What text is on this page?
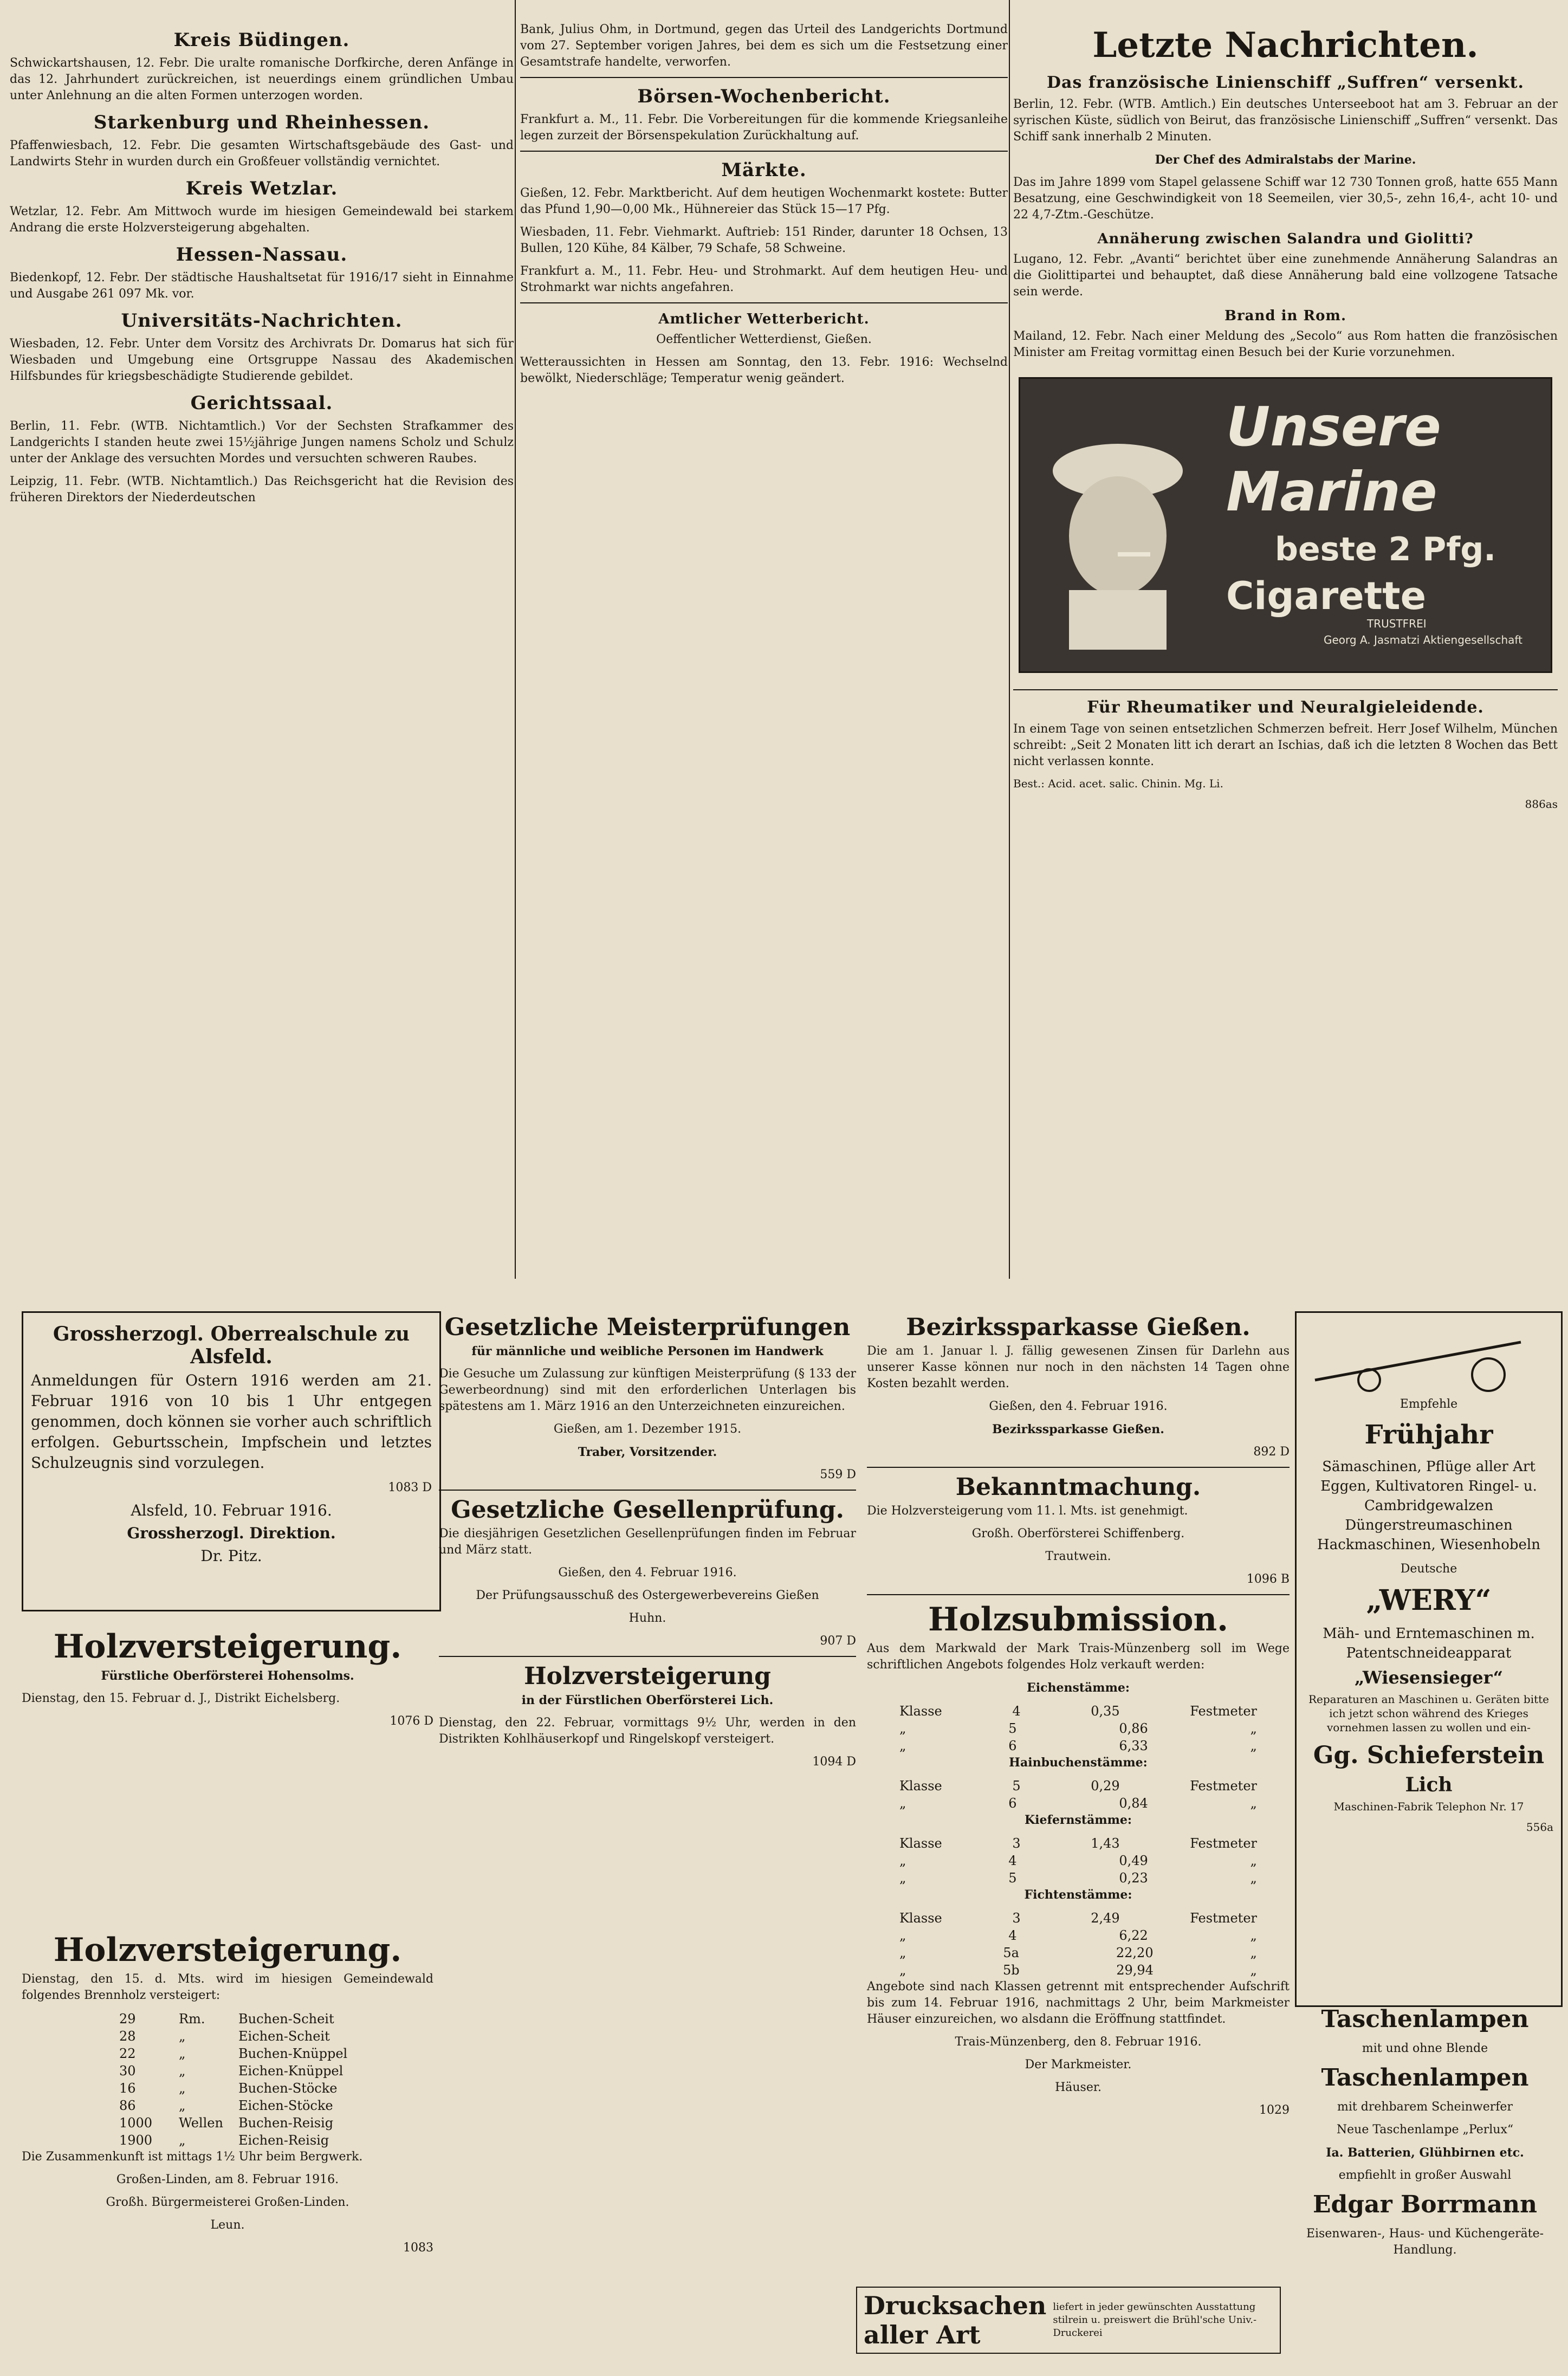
Kreis Büdingen.

Schwickartshausen, 12. Febr. Die uralte romanische Dorfkirche, deren Anfänge in das 12. Jahrhundert zurückreichen, ist neuerdings einem gründlichen Umbau unter Anlehnung an die alten Formen unterzogen worden.

Starkenburg und Rheinhessen.

Pfaffenwiesbach, 12. Febr. Die gesamten Wirtschaftsgebäude des Gast- und Landwirts Stehr in wurden durch ein Großfeuer vollständig vernichtet.

Kreis Wetzlar.

Wetzlar, 12. Febr. Am Mittwoch wurde im hiesigen Gemeindewald bei starkem Andrang die erste Holzversteigerung abgehalten.

Hessen-Nassau.

Biedenkopf, 12. Febr. Der städtische Haushaltsetat für 1916/17 sieht in Einnahme und Ausgabe 261 097 Mk. vor.

Universitäts-Nachrichten.

Wiesbaden, 12. Febr. Unter dem Vorsitz des Archivrats Dr. Domarus hat sich für Wiesbaden und Umgebung eine Ortsgruppe Nassau des Akademischen Hilfsbundes für kriegsbeschädigte Studierende gebildet.

Gerichtssaal.

Berlin, 11. Febr. (WTB. Nichtamtlich.) Vor der Sechsten Strafkammer des Landgerichts I standen heute zwei 15½jährige Jungen namens Scholz und Schulz unter der Anklage des versuchten Mordes und versuchten schweren Raubes.

Leipzig, 11. Febr. (WTB. Nichtamtlich.) Das Reichsgericht hat die Revision des früheren Direktors der Niederdeutschen

Bank, Julius Ohm, in Dortmund, gegen das Urteil des Landgerichts Dortmund vom 27. September vorigen Jahres, bei dem es sich um die Festsetzung einer Gesamtstrafe handelte, verworfen.

Börsen-Wochenbericht.

Frankfurt a. M., 11. Febr. Die Vorbereitungen für die kommende Kriegsanleihe legen zurzeit der Börsenspekulation Zurückhaltung auf.

Märkte.

Gießen, 12. Febr. Marktbericht. Auf dem heutigen Wochenmarkt kostete: Butter das Pfund 1,90—0,00 Mk., Hühnereier das Stück 15—17 Pfg.

Wiesbaden, 11. Febr. Viehmarkt. Auftrieb: 151 Rinder, darunter 18 Ochsen, 13 Bullen, 120 Kühe, 84 Kälber, 79 Schafe, 58 Schweine.

Frankfurt a. M., 11. Febr. Heu- und Strohmarkt. Auf dem heutigen Heu- und Strohmarkt war nichts angefahren.

Amtlicher Wetterbericht.

Oeffentlicher Wetterdienst, Gießen.

Wetteraussichten in Hessen am Sonntag, den 13. Febr. 1916: Wechselnd bewölkt, Niederschläge; Temperatur wenig geändert.

Letzte Nachrichten.
Das französische Linienschiff „Suffren“ versenkt.

Berlin, 12. Febr. (WTB. Amtlich.) Ein deutsches Unterseeboot hat am 3. Februar an der syrischen Küste, südlich von Beirut, das französische Linienschiff „Suffren“ versenkt. Das Schiff sank innerhalb 2 Minuten.

Der Chef des Admiralstabs der Marine.

Das im Jahre 1899 vom Stapel gelassene Schiff war 12 730 Tonnen groß, hatte 655 Mann Besatzung, eine Geschwindigkeit von 18 Seemeilen, vier 30,5-, zehn 16,4-, acht 10- und 22 4,7-Ztm.-Geschütze.

Annäherung zwischen Salandra und Giolitti?

Lugano, 12. Febr. „Avanti“ berichtet über eine zunehmende Annäherung Salandras an die Giolittipartei und behauptet, daß diese Annäherung bald eine vollzogene Tatsache sein werde.

Brand in Rom.

Mailand, 12. Febr. Nach einer Meldung des „Secolo“ aus Rom hatten die französischen Minister am Freitag vormittag einen Besuch bei der Kurie vorzunehmen.

Unsere
Marine
beste 2 Pfg.
Cigarette
TRUSTFREI
Georg A. Jasmatzi Aktiengesellschaft
Für Rheumatiker und Neuralgieleidende.

In einem Tage von seinen entsetzlichen Schmerzen befreit. Herr Josef Wilhelm, München schreibt: „Seit 2 Monaten litt ich derart an Ischias, daß ich die letzten 8 Wochen das Bett nicht verlassen konnte.

Best.: Acid. acet. salic. Chinin. Mg. Li.

886as

Grossherzogl. Oberrealschule zu Alsfeld.

Anmeldungen für Ostern 1916 werden am 21. Februar 1916 von 10 bis 1 Uhr entgegen genommen, doch können sie vorher auch schriftlich erfolgen. Geburtsschein, Impfschein und letztes Schulzeugnis sind vorzulegen.

1083 D

Alsfeld, 10. Februar 1916.

Grossherzogl. Direktion.

Dr. Pitz.

Holzversteigerung.

Fürstliche Oberförsterei Hohensolms.

Dienstag, den 15. Februar d. J., Distrikt Eichelsberg.

1076 D

Holzversteigerung.

Dienstag, den 15. d. Mts. wird im hiesigen Gemeindewald folgendes Brennholz versteigert:

29	Rm.	Buchen-Scheit
28	„	Eichen-Scheit
22	„	Buchen-Knüppel
30	„	Eichen-Knüppel
16	„	Buchen-Stöcke
86	„	Eichen-Stöcke
1000	Wellen	Buchen-Reisig
1900	„	Eichen-Reisig

Die Zusammenkunft ist mittags 1½ Uhr beim Bergwerk.

Großen-Linden, am 8. Februar 1916.

Großh. Bürgermeisterei Großen-Linden.

Leun.

1083

Gesetzliche Meisterprüfungen

für männliche und weibliche Personen im Handwerk

Die Gesuche um Zulassung zur künftigen Meisterprüfung (§ 133 der Gewerbeordnung) sind mit den erforderlichen Unterlagen bis spätestens am 1. März 1916 an den Unterzeichneten einzureichen.

Gießen, am 1. Dezember 1915.

Traber, Vorsitzender.

559 D

Gesetzliche Gesellenprüfung.

Die diesjährigen Gesetzlichen Gesellenprüfungen finden im Februar und März statt.

Gießen, den 4. Februar 1916.

Der Prüfungsausschuß des Ostergewerbevereins Gießen

Huhn.

907 D

Holzversteigerung

in der Fürstlichen Oberförsterei Lich.

Dienstag, den 22. Februar, vormittags 9½ Uhr, werden in den Distrikten Kohlhäuserkopf und Ringelskopf versteigert.

1094 D

Drucksachen aller Art
liefert in jeder gewünschten Ausstattung stilrein u. preiswert die Brühl'sche Univ.-Druckerei
Bezirkssparkasse Gießen.

Die am 1. Januar l. J. fällig gewesenen Zinsen für Darlehn aus unserer Kasse können nur noch in den nächsten 14 Tagen ohne Kosten bezahlt werden.

Gießen, den 4. Februar 1916.

Bezirkssparkasse Gießen.

892 D

Bekanntmachung.

Die Holzversteigerung vom 11. l. Mts. ist genehmigt.

Großh. Oberförsterei Schiffenberg.

Trautwein.

1096 B

Holzsubmission.

Aus dem Markwald der Mark Trais-Münzenberg soll im Wege schriftlichen Angebots folgendes Holz verkauft werden:

Eichenstämme:

Klasse	4	0,35	Festmeter
„	5	0,86	„
„	6	6,33	„

Hainbuchenstämme:

Klasse	5	0,29	Festmeter
„	6	0,84	„

Kiefernstämme:

Klasse	3	1,43	Festmeter
„	4	0,49	„
„	5	0,23	„

Fichtenstämme:

Klasse	3	2,49	Festmeter
„	4	6,22	„
„	5a	22,20	„
„	5b	29,94	„

Angebote sind nach Klassen getrennt mit entsprechender Aufschrift bis zum 14. Februar 1916, nachmittags 2 Uhr, beim Markmeister Häuser einzureichen, wo alsdann die Eröffnung stattfindet.

Trais-Münzenberg, den 8. Februar 1916.

Der Markmeister.

Häuser.

1029

Empfehle

Frühjahr

Sämaschinen, Pflüge aller Art Eggen, Kultivatoren Ringel- u. Cambridgewalzen Düngerstreumaschinen Hackmaschinen, Wiesenhobeln

Deutsche

„WERY“

Mäh- und Erntemaschinen m. Patentschneideapparat

„Wiesensieger“

Reparaturen an Maschinen u. Geräten bitte ich jetzt schon während des Krieges vornehmen lassen zu wollen und ein-

Gg. Schieferstein

Lich

Maschinen-Fabrik Telephon Nr. 17

556a

Taschenlampen

mit und ohne Blende

Taschenlampen

mit drehbarem Scheinwerfer

Neue Taschenlampe „Perlux“

Ia. Batterien, Glühbirnen etc.

empfiehlt in großer Auswahl

Edgar Borrmann

Eisenwaren-, Haus- und Küchengeräte-Handlung.
